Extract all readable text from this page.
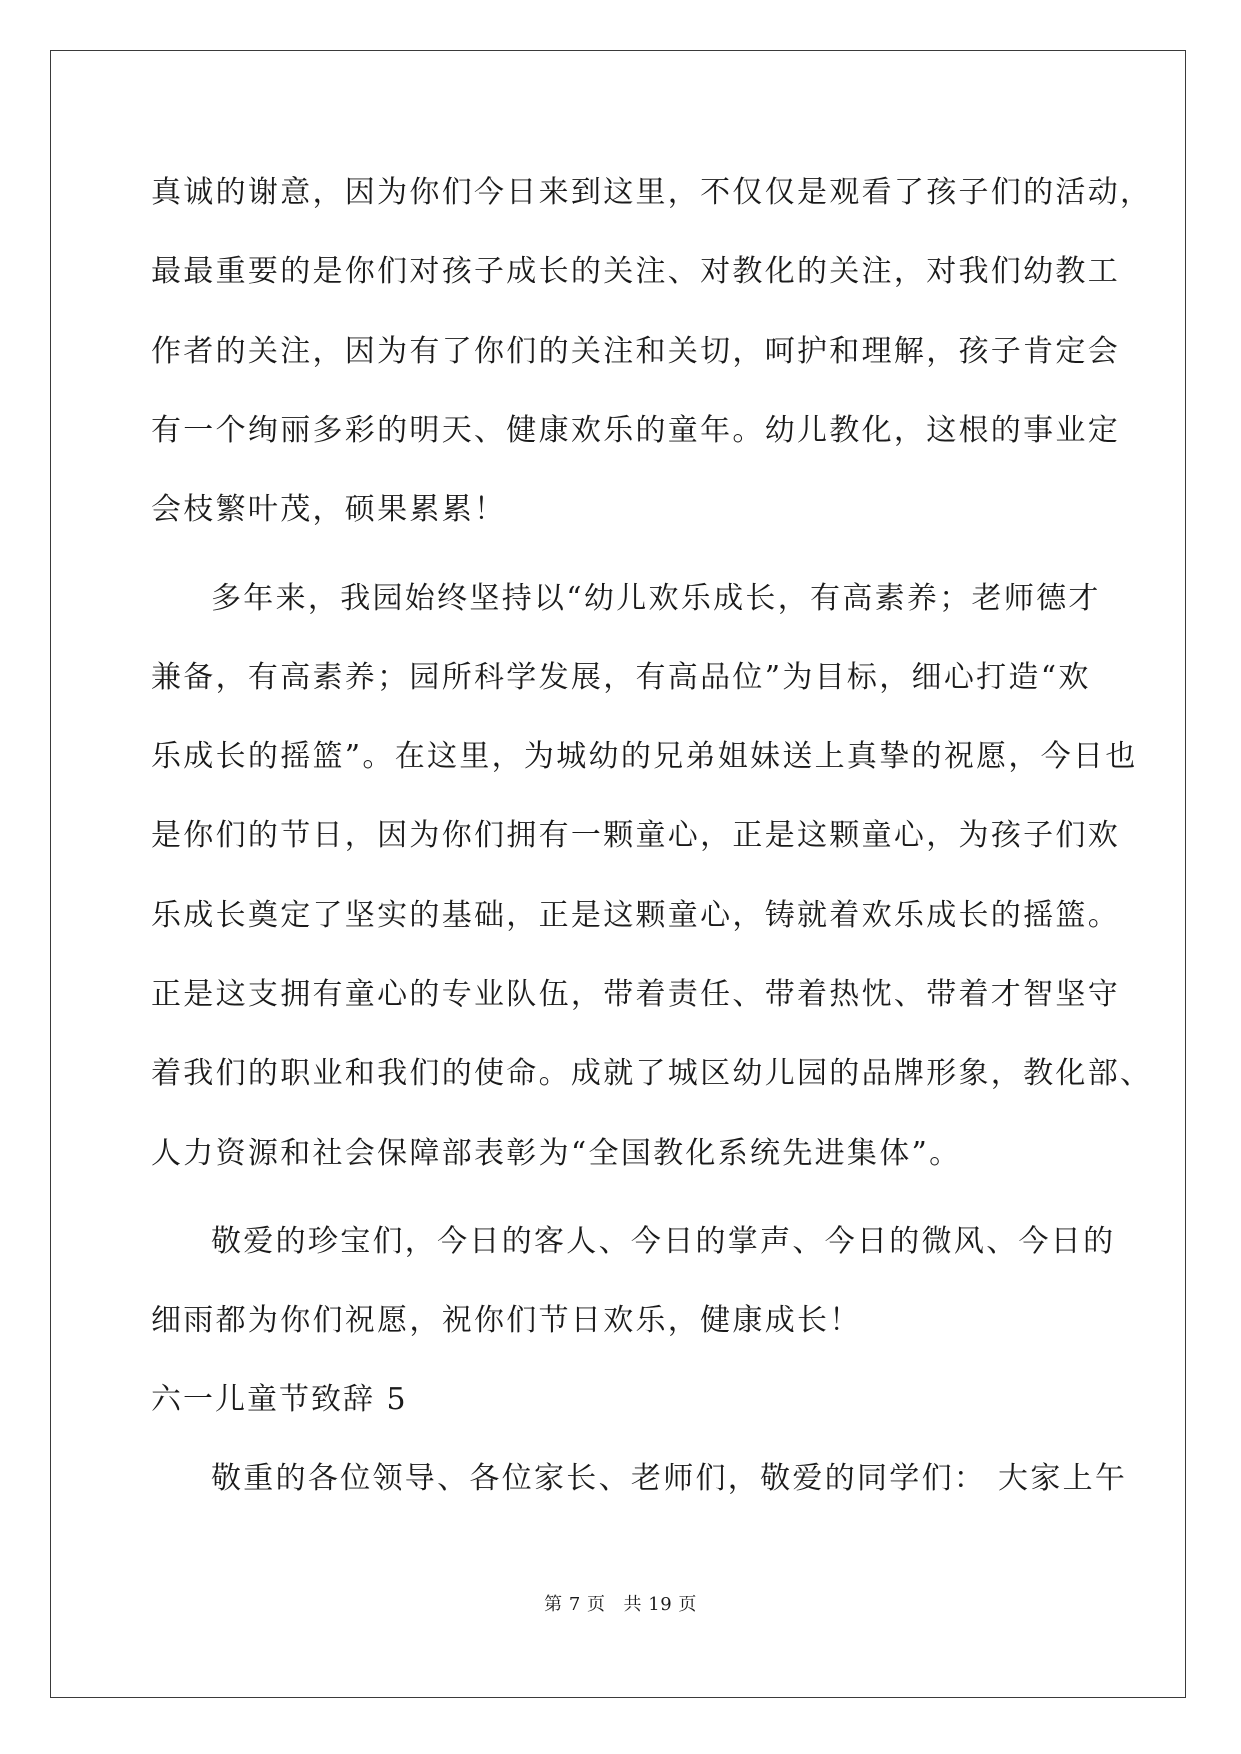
真诚的谢意，因为你们今日来到这里，不仅仅是观看了孩子们的活动，

最最重要的是你们对孩子成长的关注、对教化的关注，对我们幼教工

作者的关注，因为有了你们的关注和关切，呵护和理解，孩子肯定会

有一个绚丽多彩的明天、健康欢乐的童年。幼儿教化，这根的事业定

会枝繁叶茂，硕果累累！

多年来，我园始终坚持以“幼儿欢乐成长，有高素养；老师德才

兼备，有高素养；园所科学发展，有高品位”为目标，细心打造“欢

乐成长的摇篮”。在这里，为城幼的兄弟姐妹送上真挚的祝愿，今日也

是你们的节日，因为你们拥有一颗童心，正是这颗童心，为孩子们欢

乐成长奠定了坚实的基础，正是这颗童心，铸就着欢乐成长的摇篮。

正是这支拥有童心的专业队伍，带着责任、带着热忱、带着才智坚守

着我们的职业和我们的使命。成就了城区幼儿园的品牌形象，教化部、

人力资源和社会保障部表彰为“全国教化系统先进集体”。

敬爱的珍宝们，今日的客人、今日的掌声、今日的微风、今日的

细雨都为你们祝愿，祝你们节日欢乐，健康成长！

六一儿童节致辞 5

敬重的各位领导、各位家长、老师们，敬爱的同学们： 大家上午

第 7 页 共 19 页
